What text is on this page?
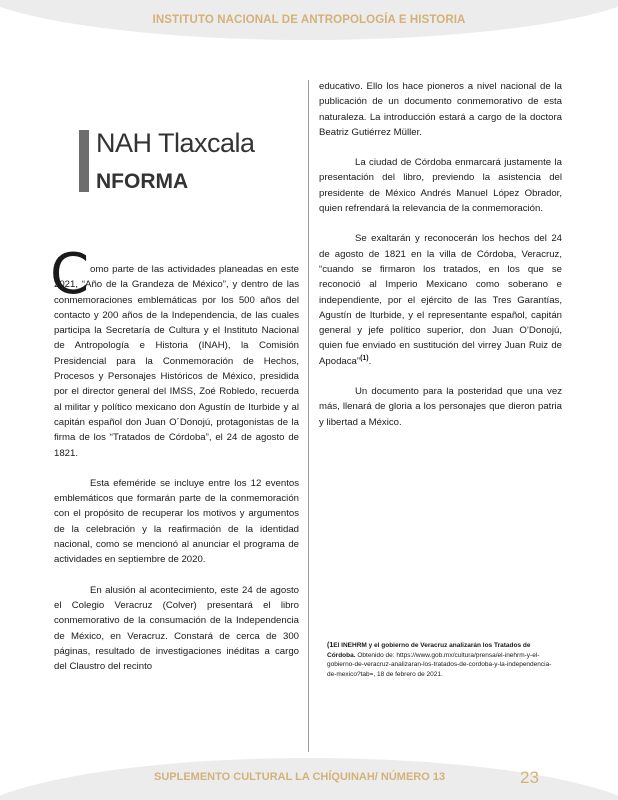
INSTITUTO NACIONAL DE ANTROPOLOGÍA E HISTORIA
NAH Tlaxcala
NFORMA
C omo parte de las actividades planeadas en este 2021, “Año de la Grandeza de México”, y dentro de las conmemoraciones emblemáticas por los 500 años del contacto y 200 años de la Independencia, de las cuales participa la Secretaría de Cultura y el Instituto Nacional de Antropología e Historia (INAH), la Comisión Presidencial para la Conmemoración de Hechos, Procesos y Personajes Históricos de México, presidida por el director general del IMSS, Zoé Robledo, recuerda al militar y político mexicano don Agustín de Iturbide y al capitán español don Juan O´Donojú, protagonistas de la firma de los “Tratados de Córdoba”, el 24 de agosto de 1821.

Esta efeméride se incluye entre los 12 eventos emblemáticos que formarán parte de la conmemoración con el propósito de recuperar los motivos y argumentos de la celebración y la reafirmación de la identidad nacional, como se mencionó al anunciar el programa de actividades en septiembre de 2020.

En alusión al acontecimiento, este 24 de agosto el Colegio Veracruz (Colver) presentará el libro conmemorativo de la consumación de la Independencia de México, en Veracruz. Constará de cerca de 300 páginas, resultado de investigaciones inéditas a cargo del Claustro del recinto

educativo. Ello los hace pioneros a nivel nacional de la publicación de un documento conmemorativo de esta naturaleza. La introducción estará a cargo de la doctora Beatriz Gutiérrez Müller.

La ciudad de Córdoba enmarcará justamente la presentación del libro, previendo la asistencia del presidente de México Andrés Manuel López Obrador, quien refrendará la relevancia de la conmemoración.

Se exaltarán y reconocerán los hechos del 24 de agosto de 1821 en la villa de Córdoba, Veracruz, “cuando se firmaron los tratados, en los que se reconoció al Imperio Mexicano como soberano e independiente, por el ejército de las Tres Garantías, Agustín de Iturbide, y el representante español, capitán general y jefe político superior, don Juan O’Donojú, quien fue enviado en sustitución del virrey Juan Ruiz de Apodaca”$^{(1)}$.

Un documento para la posteridad que una vez más, llenará de gloria a los personajes que dieron patria y libertad a México.

(1El INEHRM y el gobierno de Veracruz analizarán los Tratados de Córdoba. Obtenido de: https://www.gob.mx/cultura/prensa/el-inehrm-y-el-gobierno-de-veracruz-analizaran-los-tratados-de-cordoba-y-la-independencia-de-mexico?tab=, 18 de febrero de 2021.
SUPLEMENTO CULTURAL LA CHÍQUINAH/ NÚMERO 13	23
